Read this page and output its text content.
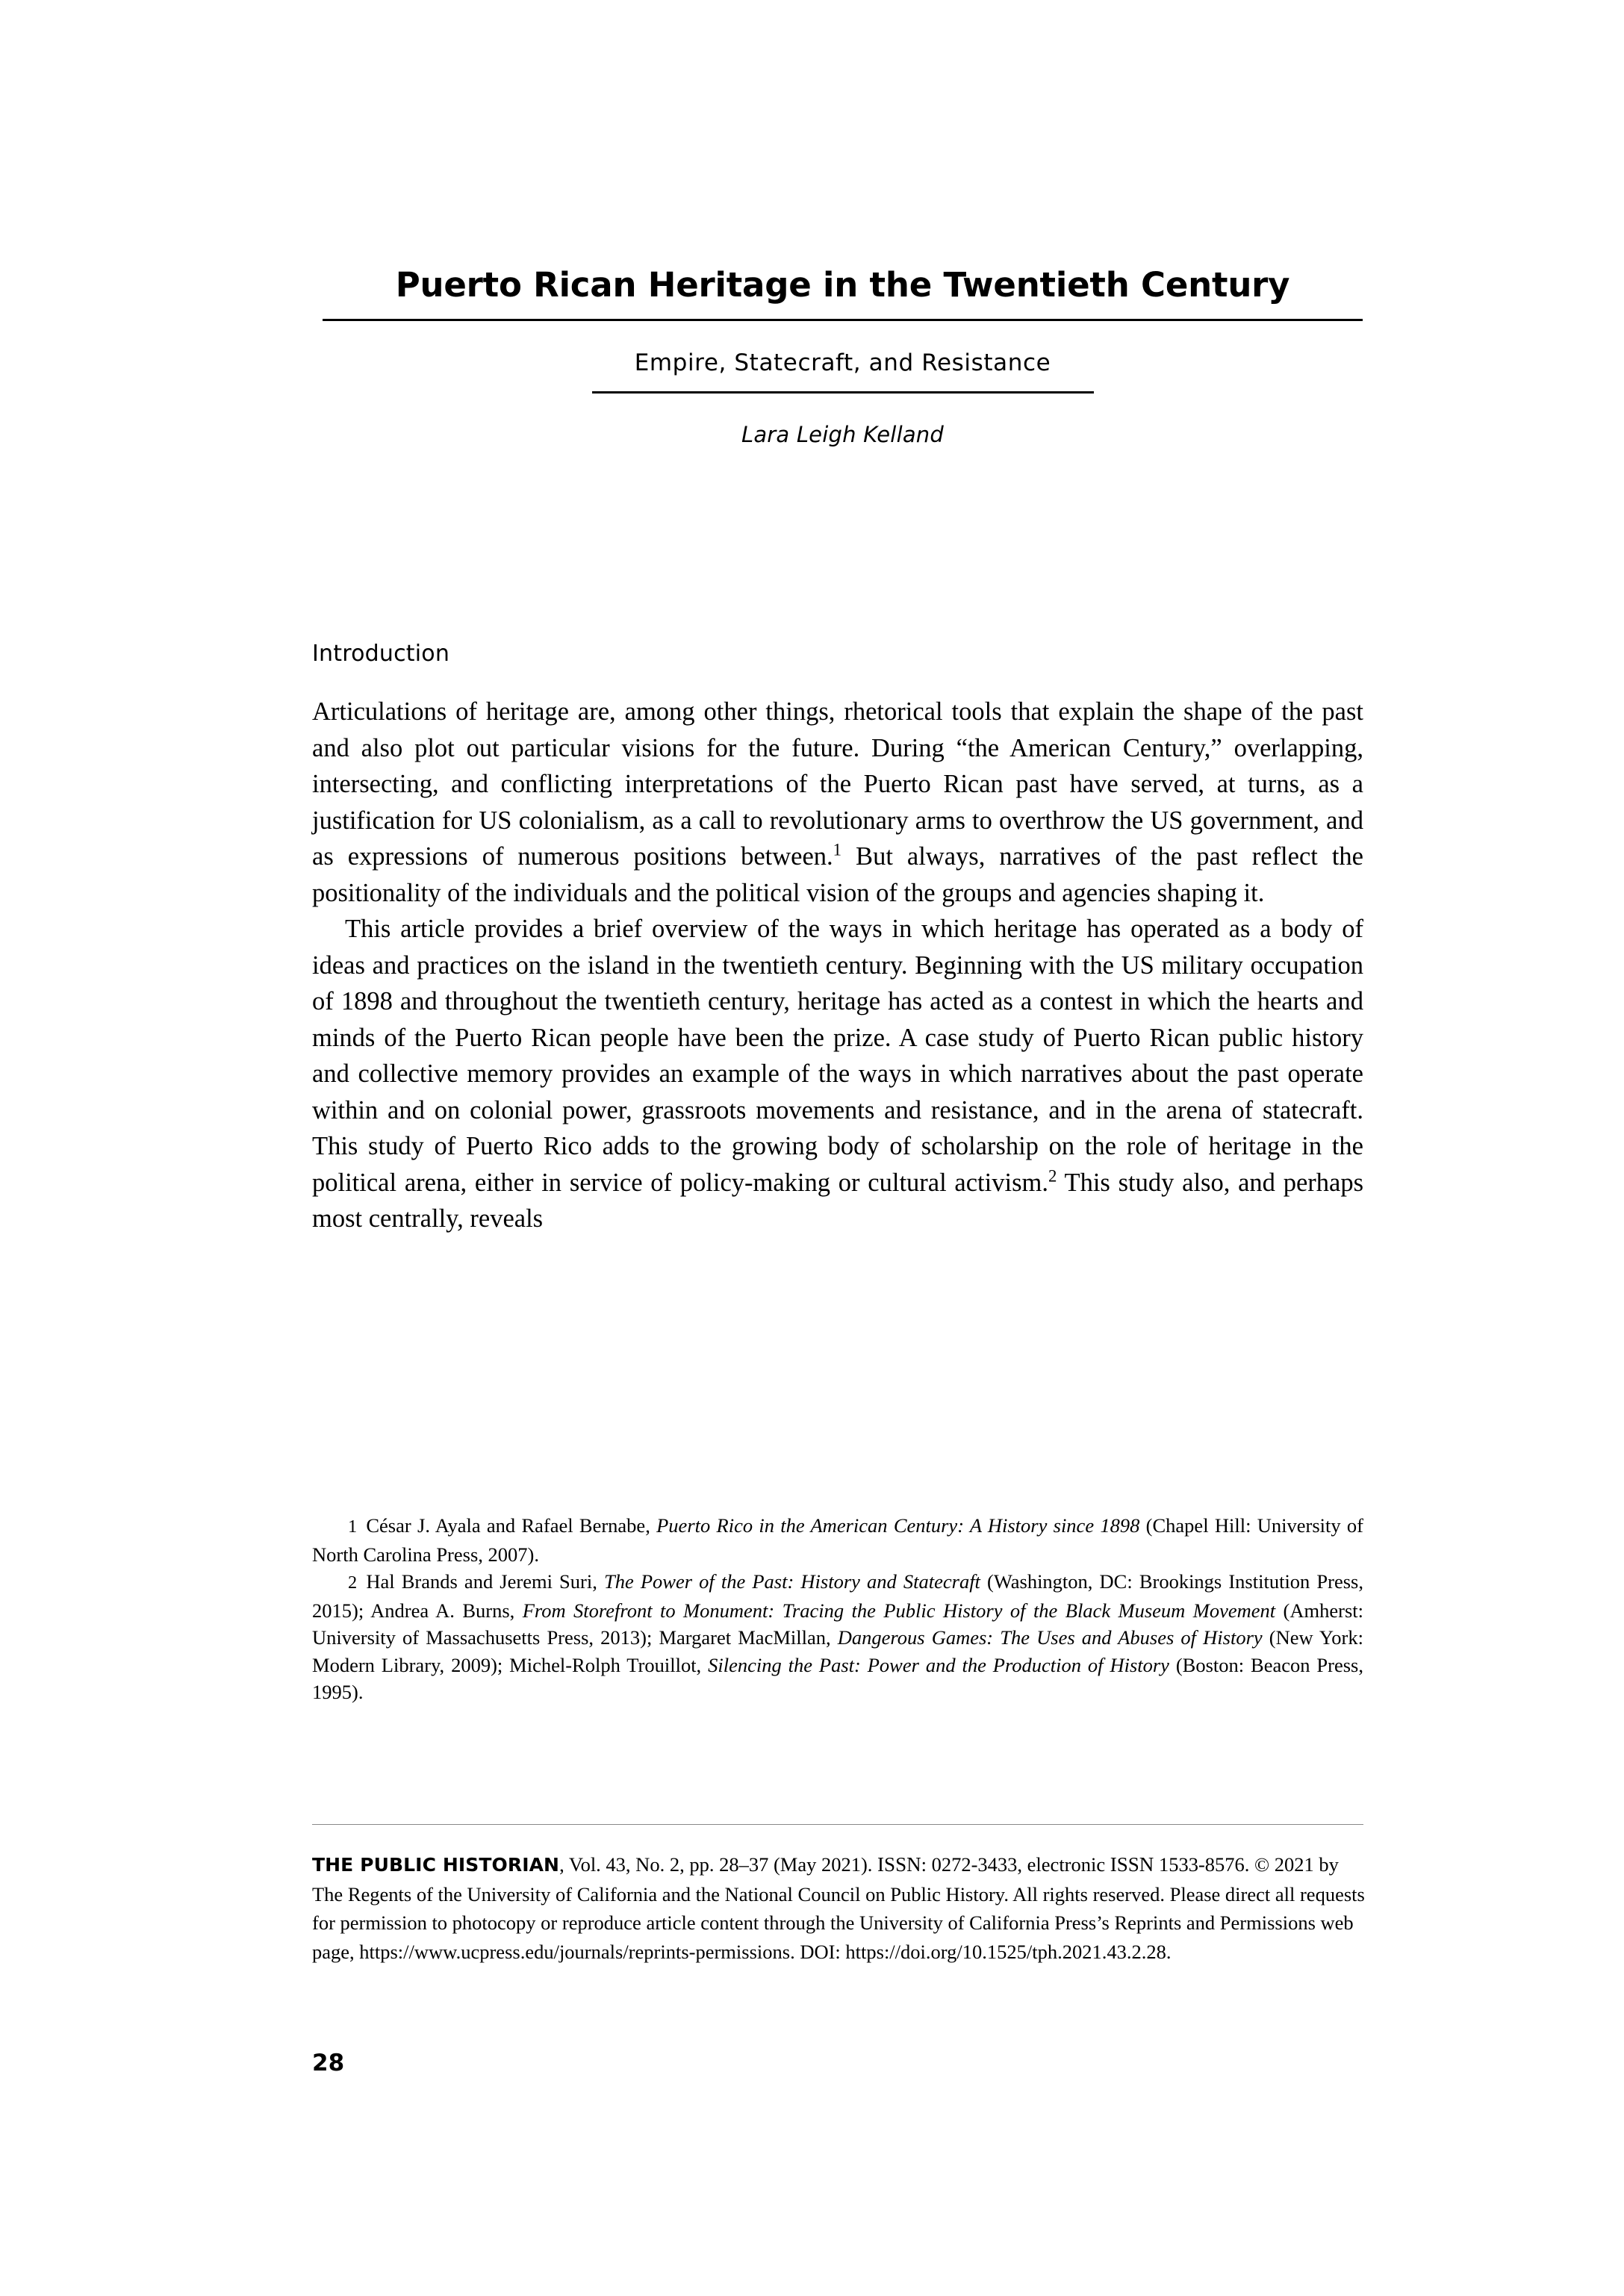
Puerto Rican Heritage in the Twentieth Century
Empire, Statecraft, and Resistance
Lara Leigh Kelland
Introduction

Articulations of heritage are, among other things, rhetorical tools that explain the shape of the past and also plot out particular visions for the future. During “the American Century,” overlapping, intersecting, and conflicting interpretations of the Puerto Rican past have served, at turns, as a justification for US colonialism, as a call to revolutionary arms to overthrow the US government, and as expressions of numerous positions between.$^1$ But always, narratives of the past reflect the positionality of the individuals and the political vision of the groups and agencies shaping it.

This article provides a brief overview of the ways in which heritage has operated as a body of ideas and practices on the island in the twentieth century. Beginning with the US military occupation of 1898 and throughout the twentieth century, heritage has acted as a contest in which the hearts and minds of the Puerto Rican people have been the prize. A case study of Puerto Rican public history and collective memory provides an example of the ways in which narratives about the past operate within and on colonial power, grassroots movements and resistance, and in the arena of statecraft. This study of Puerto Rico adds to the growing body of scholarship on the role of heritage in the political arena, either in service of policy-making or cultural activism.$^2$ This study also, and perhaps most centrally, reveals

1 César J. Ayala and Rafael Bernabe, Puerto Rico in the American Century: A History since 1898 (Chapel Hill: University of North Carolina Press, 2007).

2 Hal Brands and Jeremi Suri, The Power of the Past: History and Statecraft (Washington, DC: Brookings Institution Press, 2015); Andrea A. Burns, From Storefront to Monument: Tracing the Public History of the Black Museum Movement (Amherst: University of Massachusetts Press, 2013); Margaret MacMillan, Dangerous Games: The Uses and Abuses of History (New York: Modern Library, 2009); Michel-Rolph Trouillot, Silencing the Past: Power and the Production of History (Boston: Beacon Press, 1995).

THE PUBLIC HISTORIAN, Vol. 43, No. 2, pp. 28–37 (May 2021). ISSN: 0272-3433, electronic ISSN 1533-8576. © 2021 by The Regents of the University of California and the National Council on Public History. All rights reserved. Please direct all requests for permission to photocopy or reproduce article content through the University of California Press’s Reprints and Permissions web page, https://www.ucpress.edu/journals/reprints-permissions. DOI: https://doi.org/10.1525/tph.2021.43.2.28.

28
